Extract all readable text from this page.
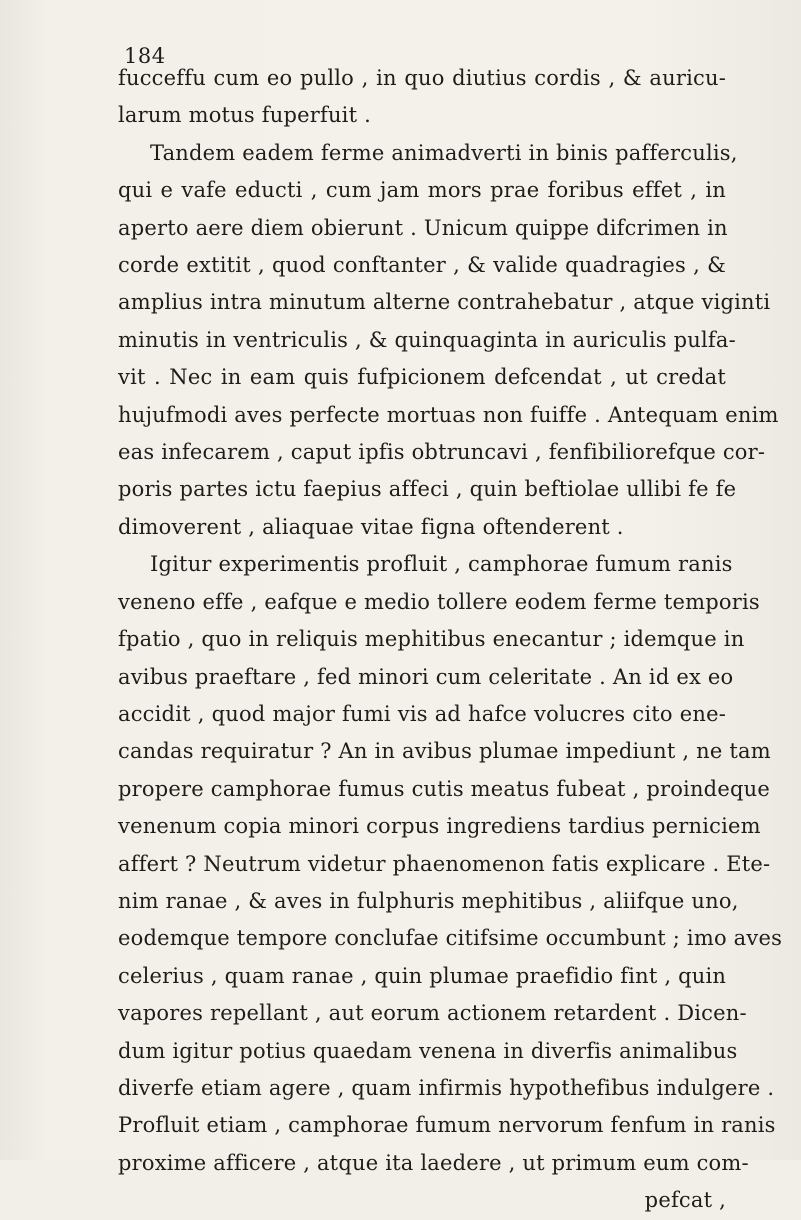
184
fucceffu cum eo pullo , in quo diutius cordis , & auricu-
larum motus fuperfuit .
Tandem eadem ferme animadverti in binis pafferculis,
qui e vafe educti , cum jam mors prae foribus effet , in
aperto aere diem obierunt . Unicum quippe difcrimen in
corde extitit , quod conftanter , & valide quadragies , &
amplius intra minutum alterne contrahebatur , atque viginti
minutis in ventriculis , & quinquaginta in auriculis pulfa-
vit . Nec in eam quis fufpicionem defcendat , ut credat
hujufmodi aves perfecte mortuas non fuiffe . Antequam enim
eas infecarem , caput ipfis obtruncavi , fenfibiliorefque cor-
poris partes ictu faepius affeci , quin beftiolae ullibi fe fe
dimoverent , aliaquae vitae figna oftenderent .
Igitur experimentis profluit , camphorae fumum ranis
veneno effe , eafque e medio tollere eodem ferme temporis
fpatio , quo in reliquis mephitibus enecantur ; idemque in
avibus praeftare , fed minori cum celeritate . An id ex eo
accidit , quod major fumi vis ad hafce volucres cito ene-
candas requiratur ? An in avibus plumae impediunt , ne tam
propere camphorae fumus cutis meatus fubeat , proindeque
venenum copia minori corpus ingrediens tardius perniciem
affert ? Neutrum videtur phaenomenon fatis explicare . Ete-
nim ranae , & aves in fulphuris mephitibus , aliifque uno,
eodemque tempore conclufae citifsime occumbunt ; imo aves
celerius , quam ranae , quin plumae praefidio fint , quin
vapores repellant , aut eorum actionem retardent . Dicen-
dum igitur potius quaedam venena in diverfis animalibus
diverfe etiam agere , quam infirmis hypothefibus indulgere .
Profluit etiam , camphorae fumum nervorum fenfum in ranis
proxime afficere , atque ita laedere , ut primum eum com-
pefcat ,
